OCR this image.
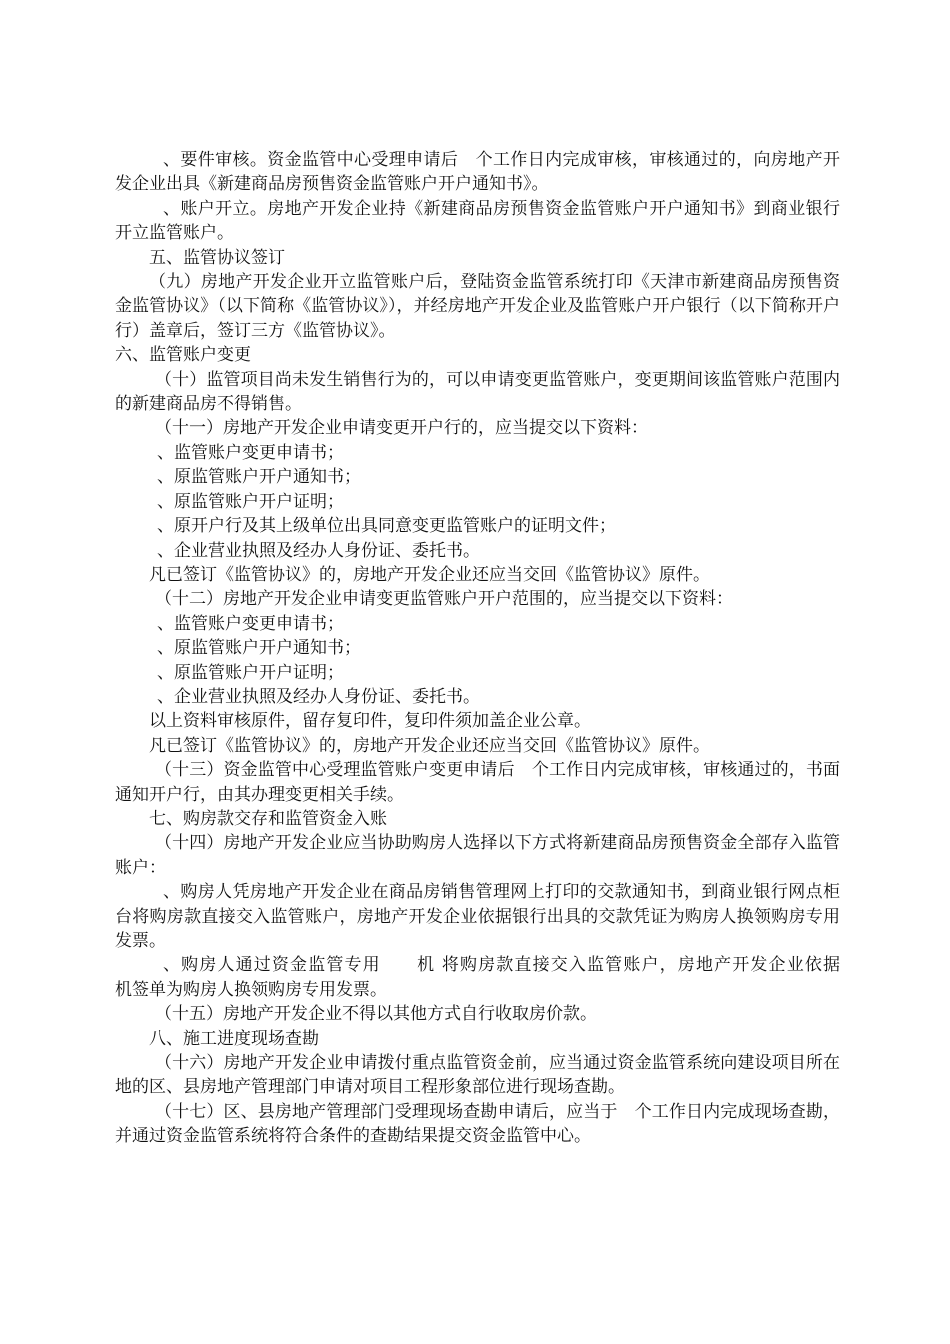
、要件审核。资金监管中心受理申请后　个工作日内完成审核，审核通过的，向房地产开发企业出具《新建商品房预售资金监管账户开户通知书》。

、账户开立。房地产开发企业持《新建商品房预售资金监管账户开户通知书》到商业银行开立监管账户。

五、监管协议签订

（九）房地产开发企业开立监管账户后，登陆资金监管系统打印《天津市新建商品房预售资金监管协议》（以下简称《监管协议》），并经房地产开发企业及监管账户开户银行（以下简称开户行）盖章后，签订三方《监管协议》。

六、监管账户变更

（十）监管项目尚未发生销售行为的，可以申请变更监管账户，变更期间该监管账户范围内的新建商品房不得销售。

（十一）房地产开发企业申请变更开户行的，应当提交以下资料：

、监管账户变更申请书；

、原监管账户开户通知书；

、原监管账户开户证明；

、原开户行及其上级单位出具同意变更监管账户的证明文件；

、企业营业执照及经办人身份证、委托书。

凡已签订《监管协议》的，房地产开发企业还应当交回《监管协议》原件。

（十二）房地产开发企业申请变更监管账户开户范围的，应当提交以下资料：

、监管账户变更申请书；

、原监管账户开户通知书；

、原监管账户开户证明；

、企业营业执照及经办人身份证、委托书。

以上资料审核原件，留存复印件，复印件须加盖企业公章。

凡已签订《监管协议》的，房地产开发企业还应当交回《监管协议》原件。

（十三）资金监管中心受理监管账户变更申请后　个工作日内完成审核，审核通过的，书面通知开户行，由其办理变更相关手续。

七、购房款交存和监管资金入账

（十四）房地产开发企业应当协助购房人选择以下方式将新建商品房预售资金全部存入监管账户：

、购房人凭房地产开发企业在商品房销售管理网上打印的交款通知书，到商业银行网点柜台将购房款直接交入监管账户，房地产开发企业依据银行出具的交款凭证为购房人换领购房专用发票。

、购房人通过资金监管专用　　机 将购房款直接交入监管账户，房地产开发企业依据　　机签单为购房人换领购房专用发票。

（十五）房地产开发企业不得以其他方式自行收取房价款。

八、施工进度现场查勘

（十六）房地产开发企业申请拨付重点监管资金前，应当通过资金监管系统向建设项目所在地的区、县房地产管理部门申请对项目工程形象部位进行现场查勘。

（十七）区、县房地产管理部门受理现场查勘申请后，应当于　个工作日内完成现场查勘，并通过资金监管系统将符合条件的查勘结果提交资金监管中心。
